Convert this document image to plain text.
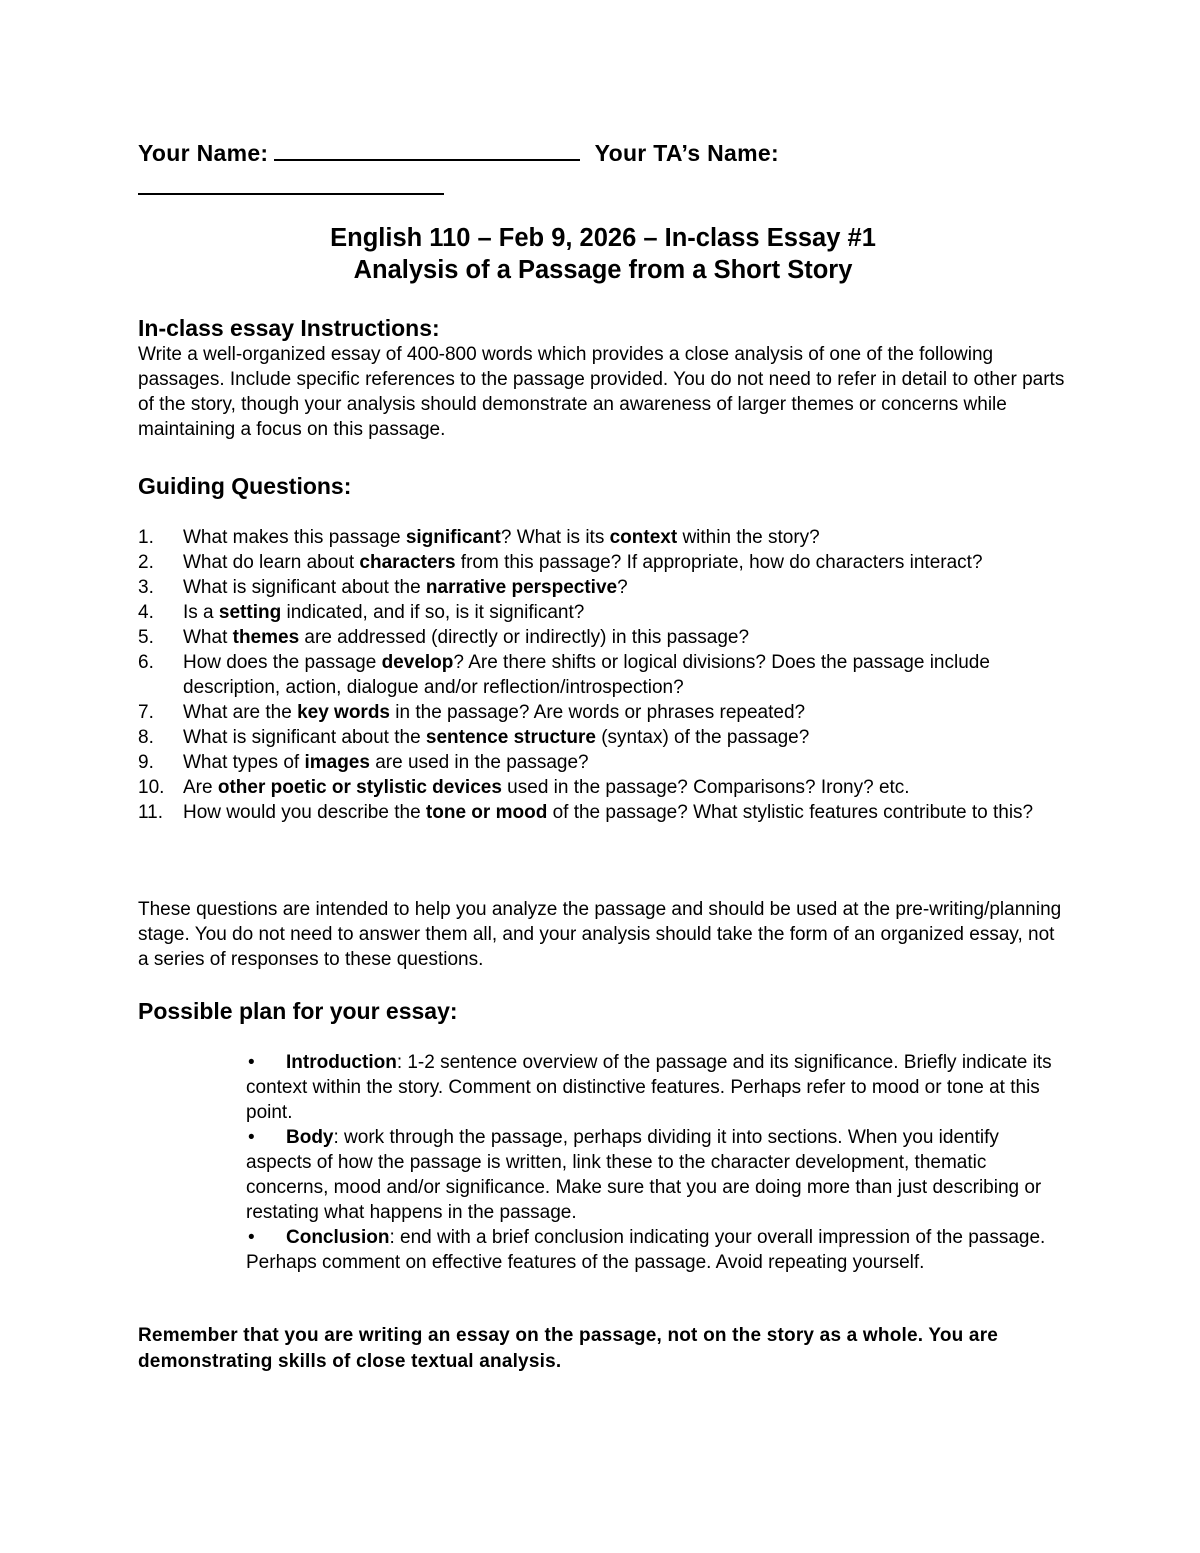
Your Name:	Your TA’s Name:

English 110 – Feb 9, 2026 – In-class Essay #1
Analysis of a Passage from a Short Story
In-class essay Instructions:
Write a well-organized essay of 400-800 words which provides a close analysis of one of the following passages. Include specific references to the passage provided. You do not need to refer in detail to other parts of the story, though your analysis should demonstrate an awareness of larger themes or concerns while maintaining a focus on this passage.
Guiding Questions:
1. What makes this passage significant? What is its context within the story?
2. What do learn about characters from this passage? If appropriate, how do characters interact?
3. What is significant about the narrative perspective?
4. Is a setting indicated, and if so, is it significant?
5. What themes are addressed (directly or indirectly) in this passage?
6. How does the passage develop? Are there shifts or logical divisions? Does the passage include description, action, dialogue and/or reflection/introspection?
7. What are the key words in the passage? Are words or phrases repeated?
8. What is significant about the sentence structure (syntax) of the passage?
9. What types of images are used in the passage?
10. Are other poetic or stylistic devices used in the passage? Comparisons? Irony? etc.
11. How would you describe the tone or mood of the passage? What stylistic features contribute to this?
These questions are intended to help you analyze the passage and should be used at the pre-writing/planning stage. You do not need to answer them all, and your analysis should take the form of an organized essay, not a series of responses to these questions.
Possible plan for your essay:
• Introduction: 1-2 sentence overview of the passage and its significance. Briefly indicate its context within the story. Comment on distinctive features. Perhaps refer to mood or tone at this point.
• Body: work through the passage, perhaps dividing it into sections. When you identify aspects of how the passage is written, link these to the character development, thematic concerns, mood and/or significance. Make sure that you are doing more than just describing or restating what happens in the passage.
• Conclusion: end with a brief conclusion indicating your overall impression of the passage. Perhaps comment on effective features of the passage. Avoid repeating yourself.
Remember that you are writing an essay on the passage, not on the story as a whole. You are demonstrating skills of close textual analysis.
